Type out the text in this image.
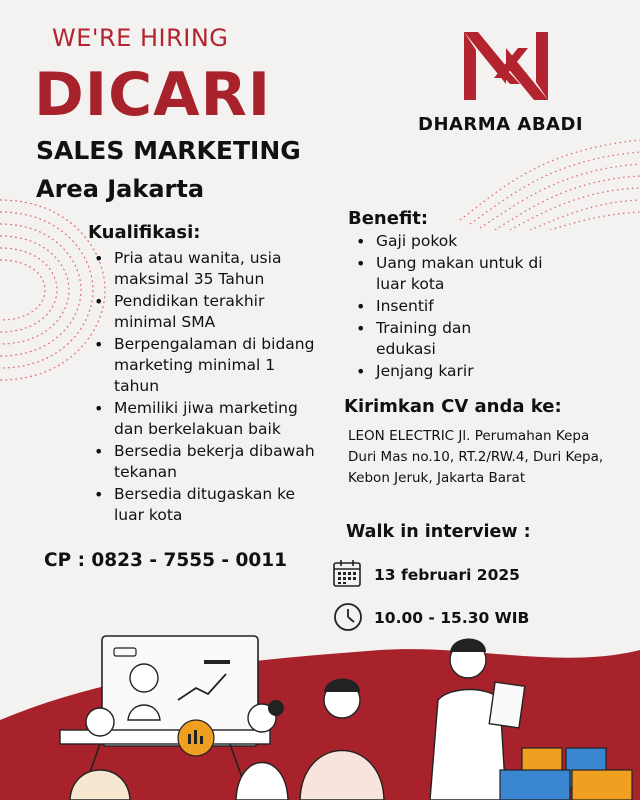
WE'RE HIRING
DICARI
SALES MARKETING
Area Jakarta
DHARMA ABADI
Kualifikasi:
• Pria atau wanita, usia maksimal 35 Tahun
• Pendidikan terakhir minimal SMA
• Berpengalaman di bidang marketing minimal 1 tahun
• Memiliki jiwa marketing dan berkelakuan baik
• Bersedia bekerja dibawah tekanan
• Bersedia ditugaskan ke luar kota
Benefit:
• Gaji pokok
• Uang makan untuk di luar kota
• Insentif
• Training dan edukasi
• Jenjang karir
Kirimkan CV anda ke:
LEON ELECTRIC Jl. Perumahan Kepa Duri Mas no.10, RT.2/RW.4, Duri Kepa, Kebon Jeruk, Jakarta Barat
CP : 0823 - 7555 - 0011
Walk in interview :
13 februari 2025
10.00 - 15.30 WIB
